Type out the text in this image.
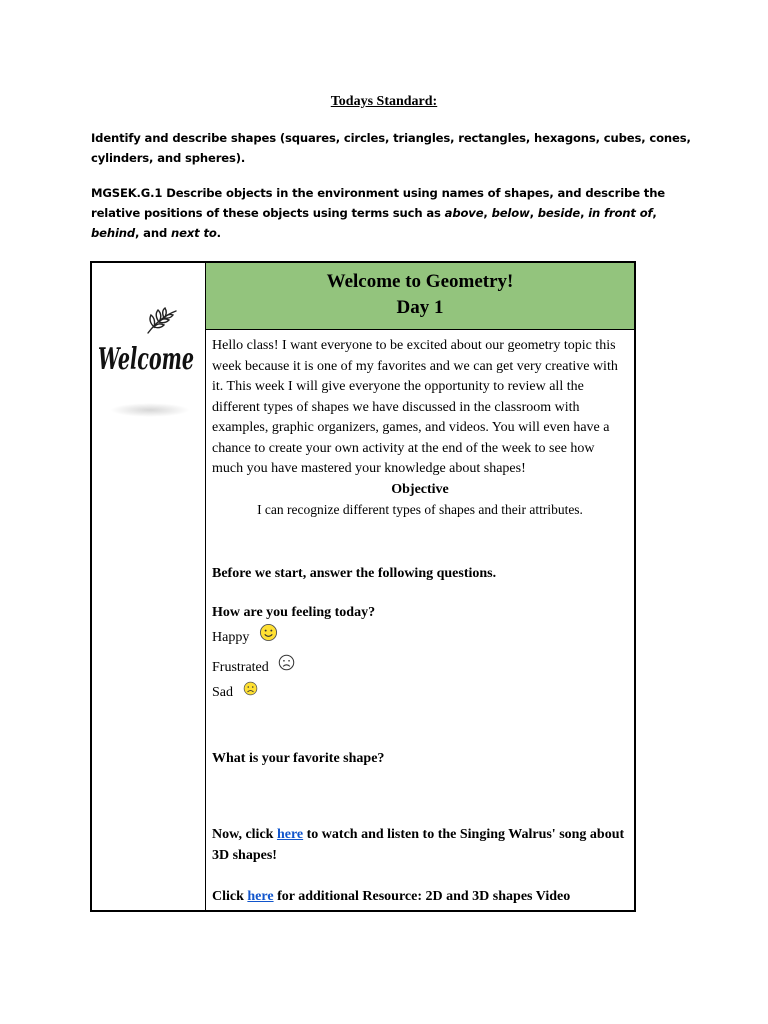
Todays Standard:
Identify and describe shapes (squares, circles, triangles, rectangles, hexagons, cubes, cones, cylinders, and spheres).
MGSEK.G.1 Describe objects in the environment using names of shapes, and describe the relative positions of these objects using terms such as above, below, beside, in front of, behind, and next to.
Welcome
Welcome to Geometry!
Day 1

Hello class! I want everyone to be excited about our geometry topic this week because it is one of my favorites and we can get very creative with it. This week I will give everyone the opportunity to review all the different types of shapes we have discussed in the classroom with examples, graphic organizers, games, and videos. You will even have a chance to create your own activity at the end of the week to see how much you have mastered your knowledge about shapes!

Objective

I can recognize different types of shapes and their attributes.

Before we start, answer the following questions.

How are you feeling today?

Happy

Frustrated

Sad

What is your favorite shape?

Now, click here to watch and listen to the Singing Walrus' song about 3D shapes!

Click here for additional Resource: 2D and 3D shapes Video
